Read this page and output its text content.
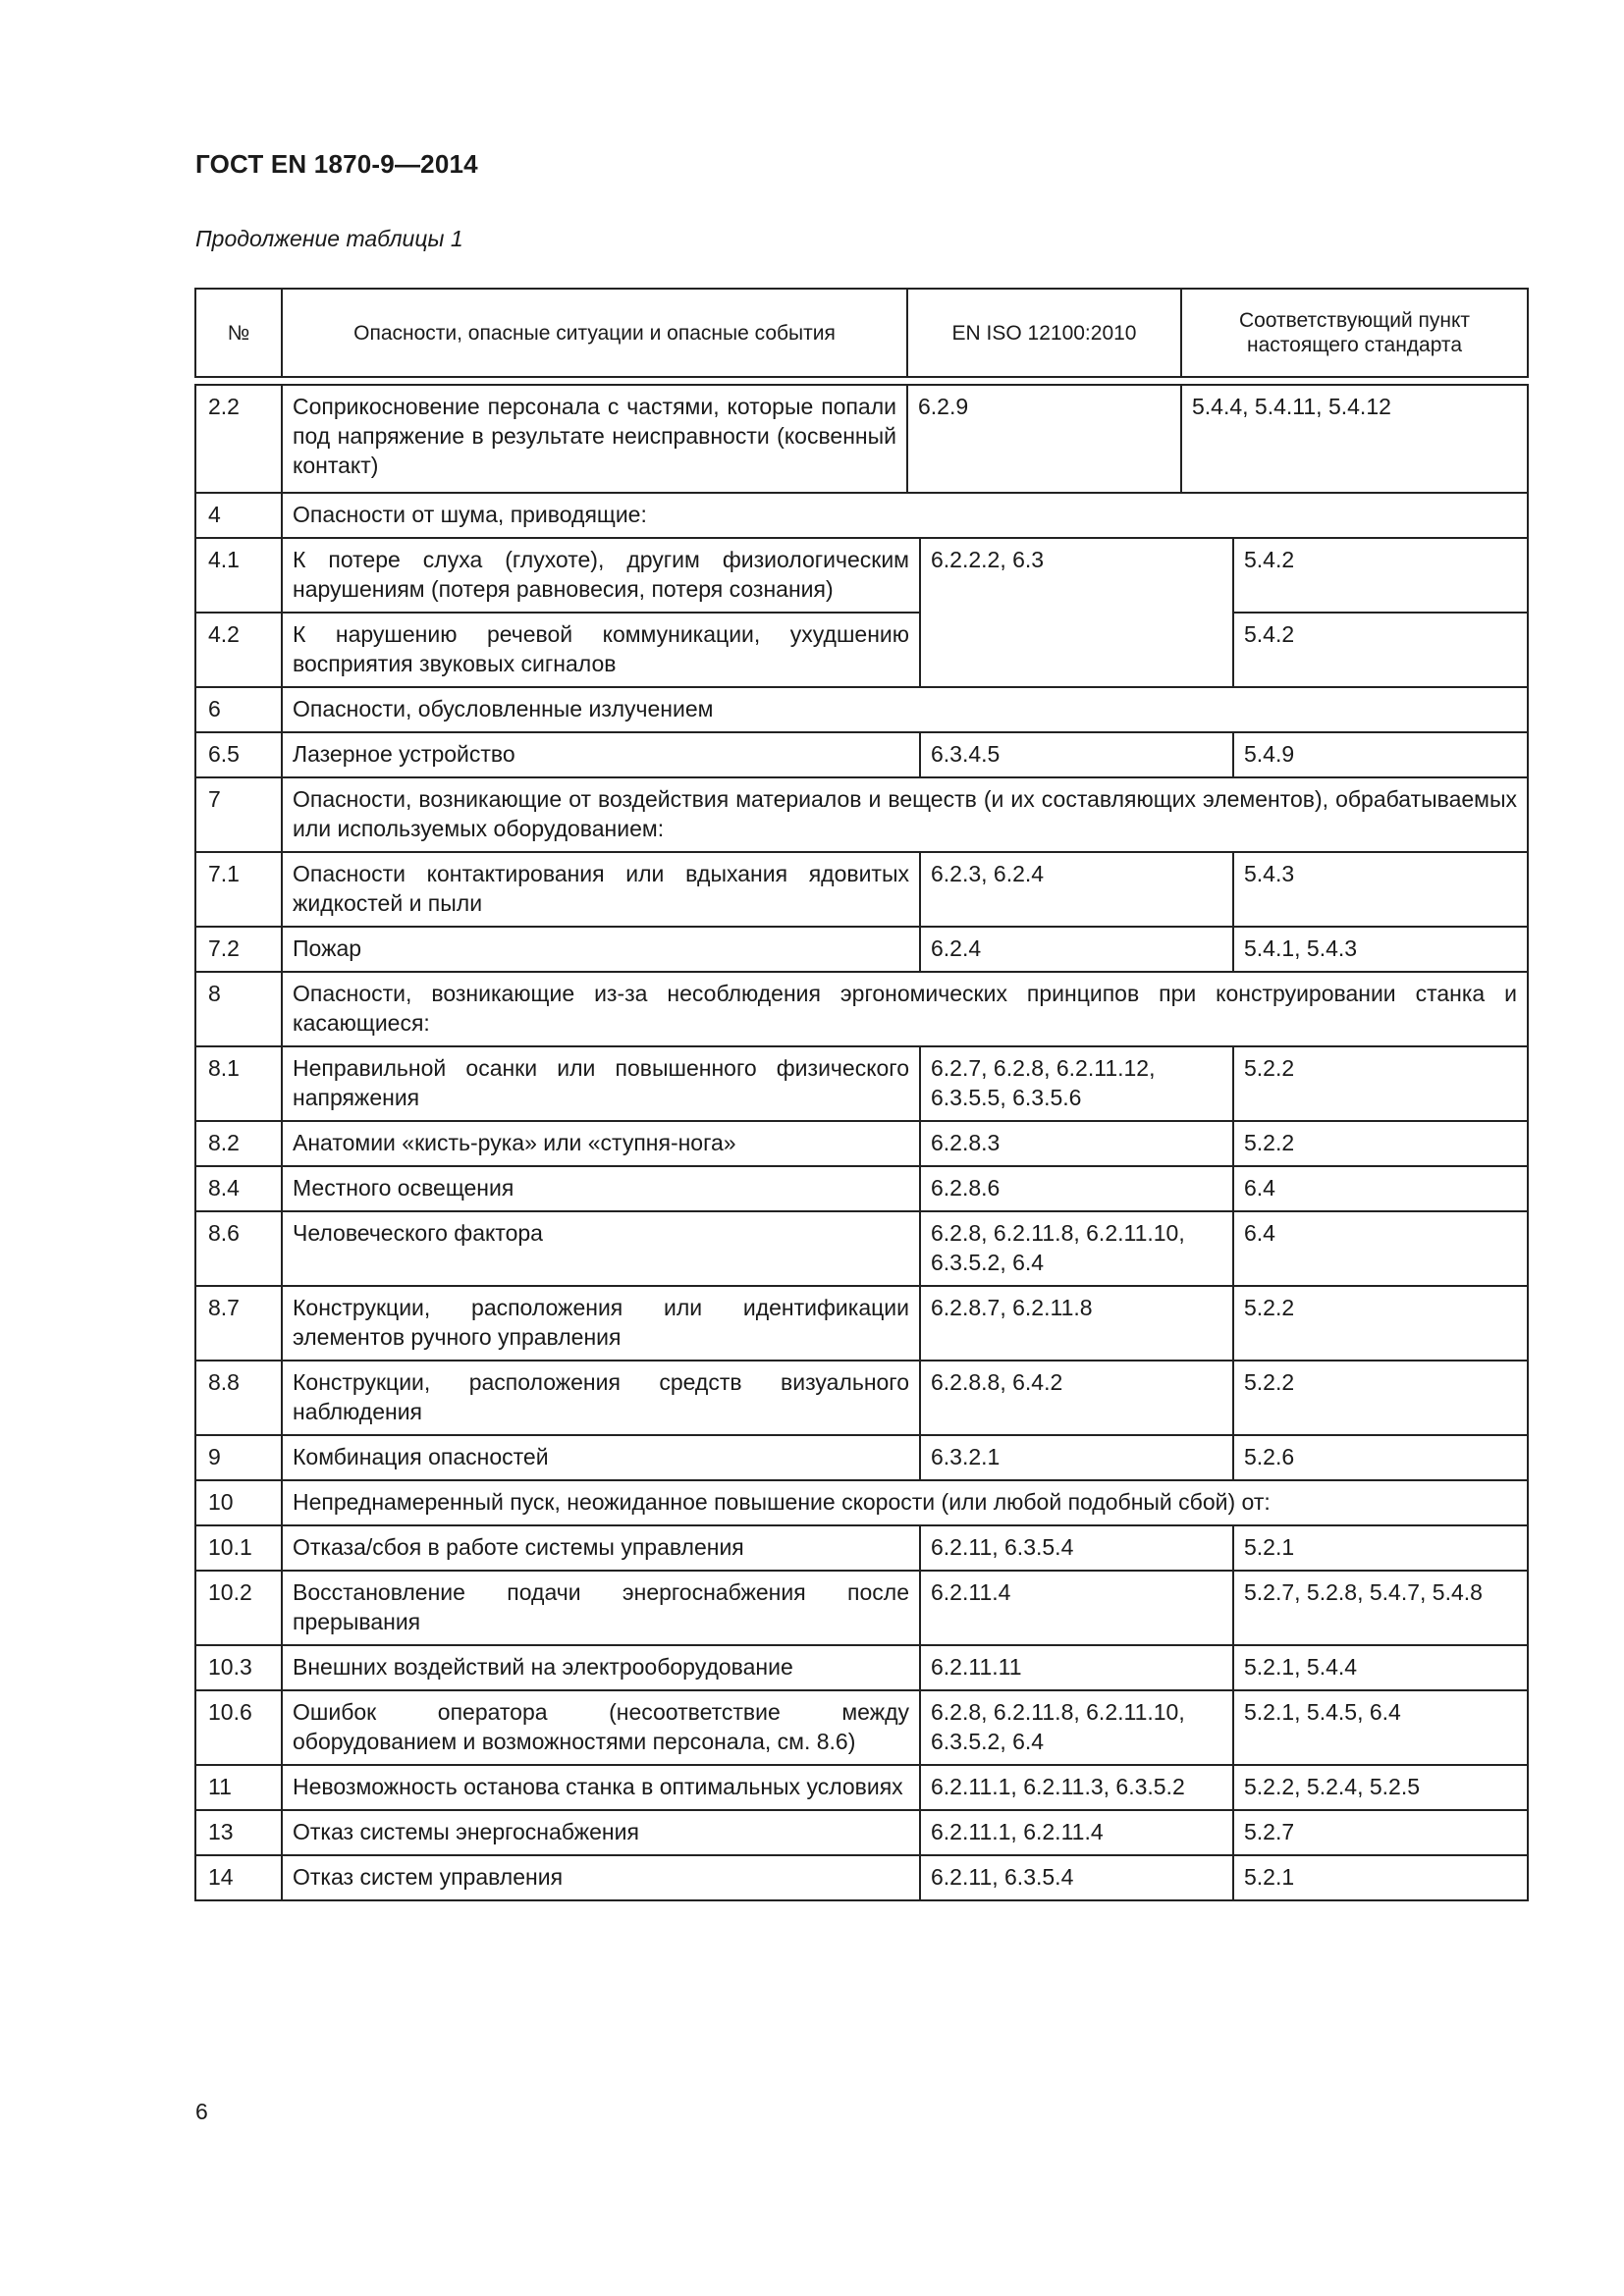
ГОСТ EN 1870-9—2014
Продолжение таблицы 1
№	Опасности, опасные ситуации и опасные события	EN ISO 12100:2010	Соответствующий пункт настоящего стандарта
2.2	Соприкосновение персонала с частями, которые попали под напряжение в результате неисправности (косвенный контакт)	6.2.9	5.4.4, 5.4.11, 5.4.12
4	Опасности от шума, приводящие:		
4.1	К потере слуха (глухоте), другим физиологическим нарушениям (потеря равновесия, потеря сознания)	6.2.2.2, 6.3	5.4.2
4.2	К нарушению речевой коммуникации, ухудшению восприятия звуковых сигналов		5.4.2
6	Опасности, обусловленные излучением		
6.5	Лазерное устройство	6.3.4.5	5.4.9
7	Опасности, возникающие от воздействия материалов и веществ (и их составляющих элементов), обрабатываемых или используемых оборудованием:		
7.1	Опасности контактирования или вдыхания ядовитых жидкостей и пыли	6.2.3, 6.2.4	5.4.3
7.2	Пожар	6.2.4	5.4.1, 5.4.3
8	Опасности, возникающие из-за несоблюдения эргономических принципов при конструировании станка и касающиеся:		
8.1	Неправильной осанки или повышенного физического напряжения	6.2.7, 6.2.8, 6.2.11.12, 6.3.5.5, 6.3.5.6	5.2.2
8.2	Анатомии «кисть-рука» или «ступня-нога»	6.2.8.3	5.2.2
8.4	Местного освещения	6.2.8.6	6.4
8.6	Человеческого фактора	6.2.8, 6.2.11.8, 6.2.11.10, 6.3.5.2, 6.4	6.4
8.7	Конструкции, расположения или идентификации элементов ручного управления	6.2.8.7, 6.2.11.8	5.2.2
8.8	Конструкции, расположения средств визуального наблюдения	6.2.8.8, 6.4.2	5.2.2
9	Комбинация опасностей	6.3.2.1	5.2.6
10	Непреднамеренный пуск, неожиданное повышение скорости (или любой подобный сбой) от:		
10.1	Отказа/сбоя в работе системы управления	6.2.11, 6.3.5.4	5.2.1
10.2	Восстановление подачи энергоснабжения после прерывания	6.2.11.4	5.2.7, 5.2.8, 5.4.7, 5.4.8
10.3	Внешних воздействий на электрооборудование	6.2.11.11	5.2.1, 5.4.4
10.6	Ошибок оператора (несоответствие между оборудованием и возможностями персонала, см. 8.6)	6.2.8, 6.2.11.8, 6.2.11.10, 6.3.5.2, 6.4	5.2.1, 5.4.5, 6.4
11	Невозможность останова станка в оптимальных условиях	6.2.11.1, 6.2.11.3, 6.3.5.2	5.2.2, 5.2.4, 5.2.5
13	Отказ системы энергоснабжения	6.2.11.1, 6.2.11.4	5.2.7
14	Отказ систем управления	6.2.11, 6.3.5.4	5.2.1
6
